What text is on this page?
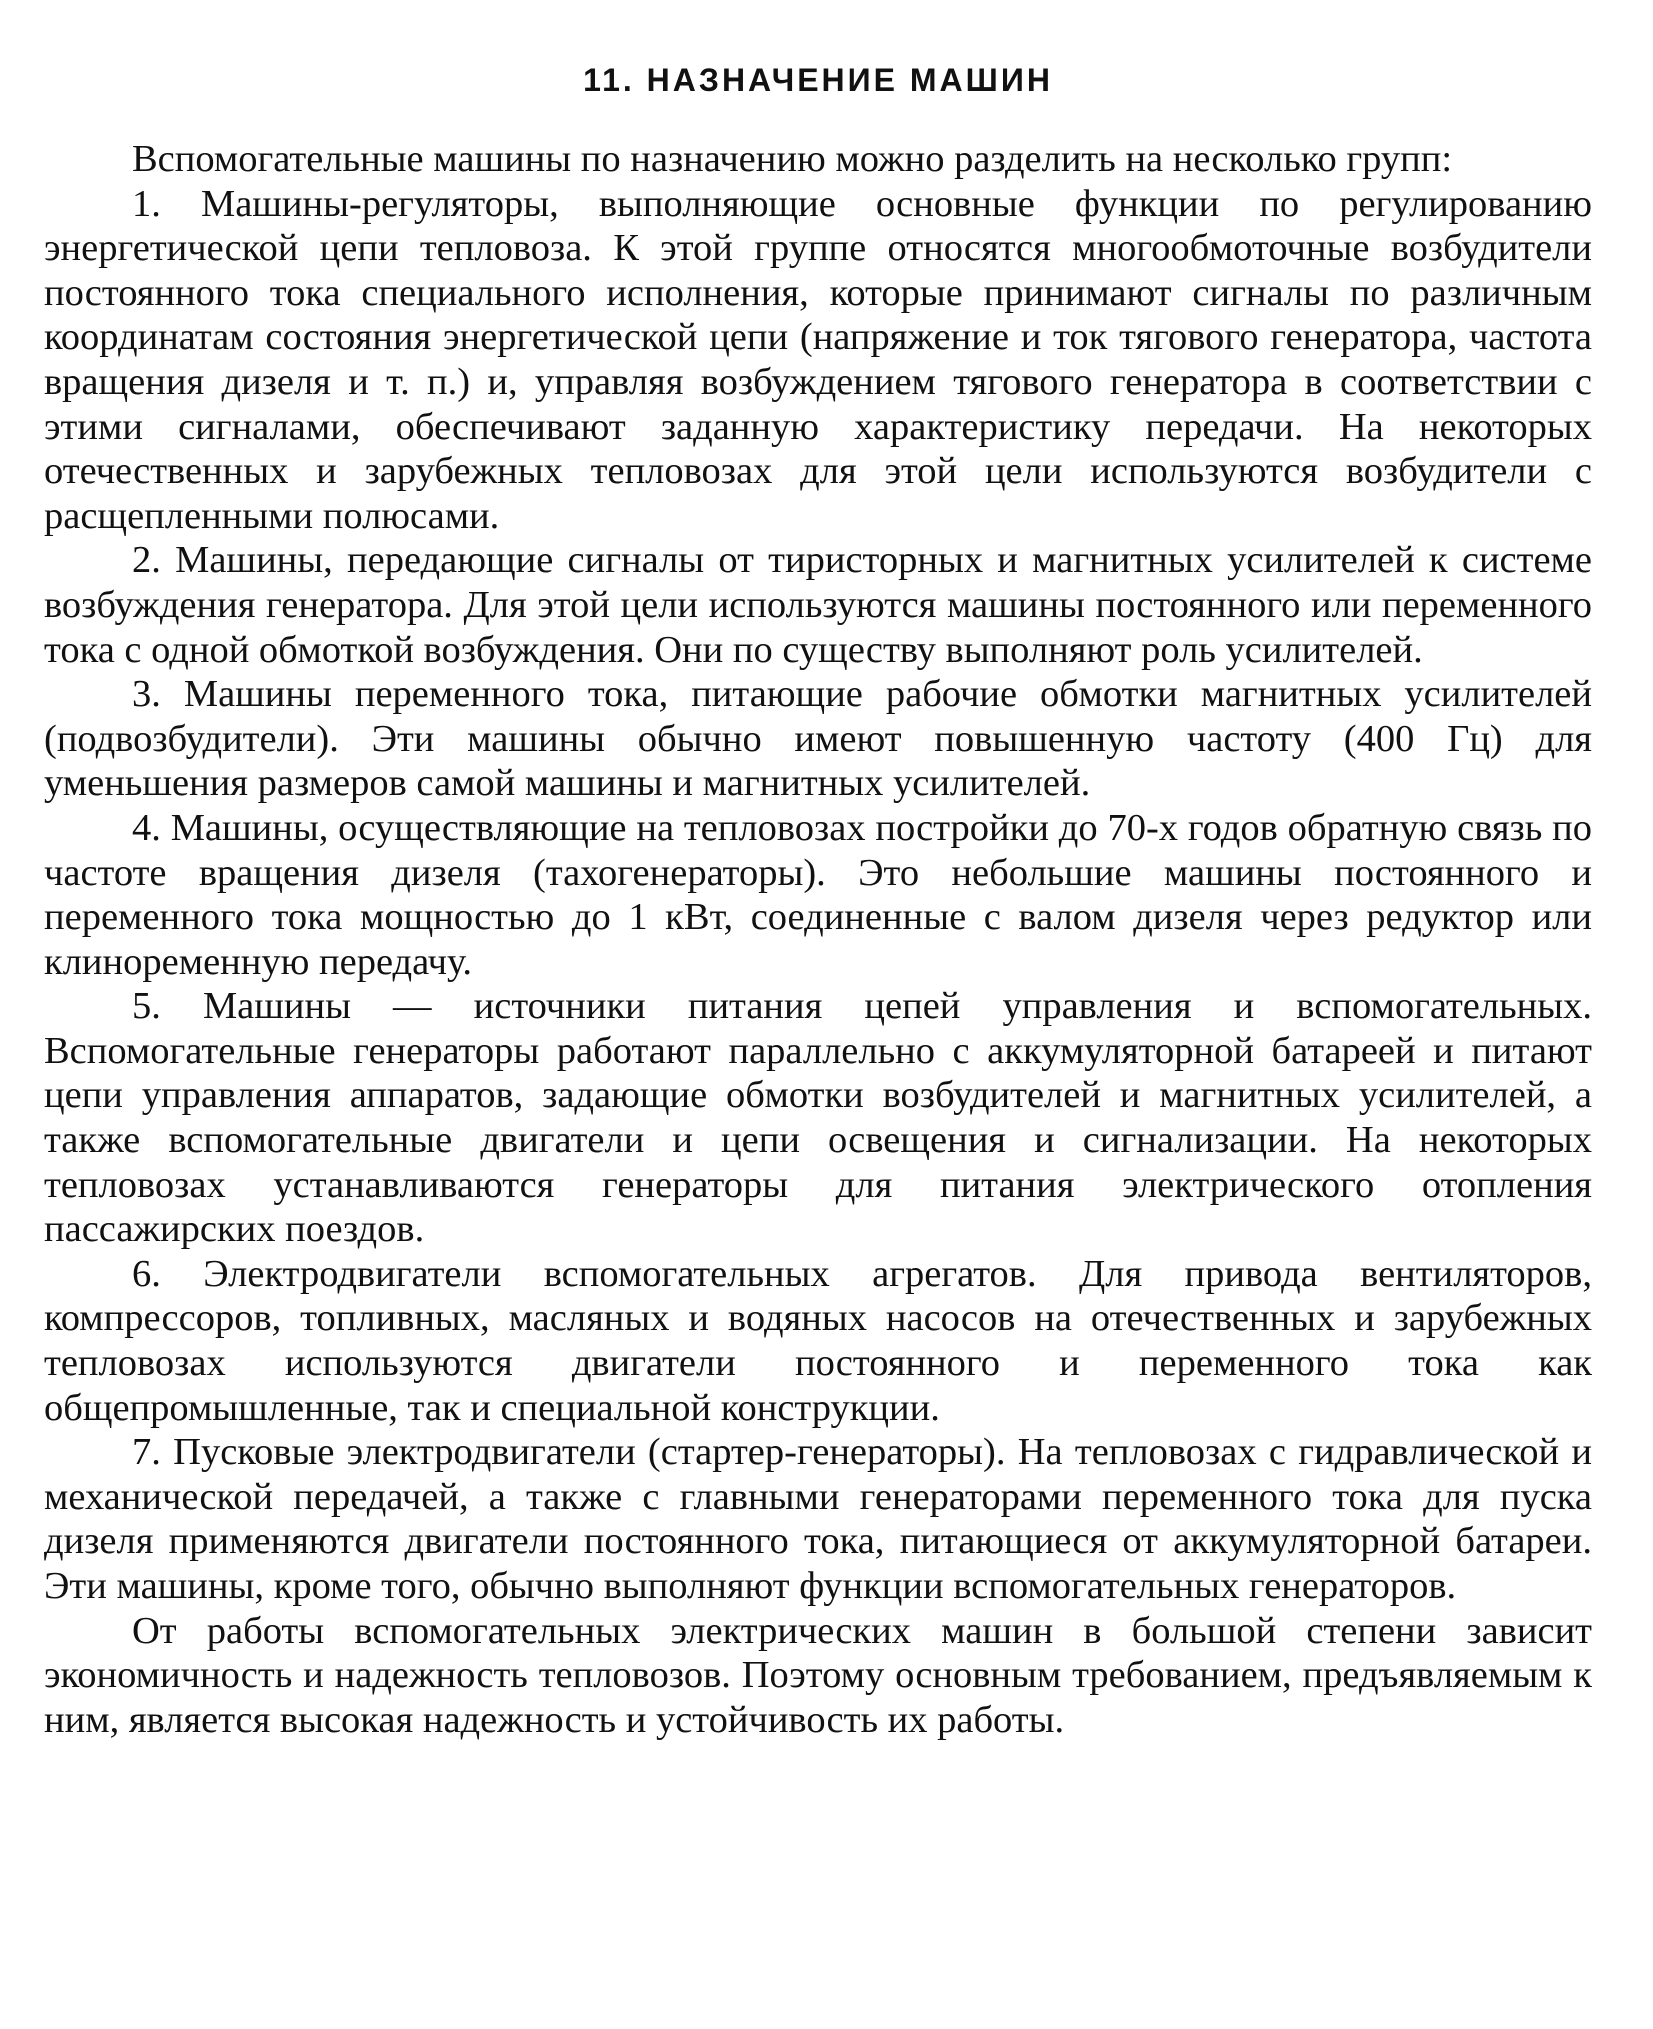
11. НАЗНАЧЕНИЕ МАШИН

Вспомогательные машины по назначению можно разделить на несколько групп:

1. Машины-регуляторы, выполняющие основные функции по регулированию энергетической цепи тепловоза. К этой группе относятся многообмоточные возбудители постоянного тока специального исполнения, которые принимают сигналы по различным координатам состояния энергетической цепи (напряжение и ток тягового генератора, частота вращения дизеля и т. п.) и, управляя возбуждением тягового генератора в соответствии с этими сигналами, обеспечивают заданную характеристику передачи. На некоторых отечественных и зарубежных тепловозах для этой цели используются возбудители с расщепленными полюсами.

2. Машины, передающие сигналы от тиристорных и магнитных усилителей к системе возбуждения генератора. Для этой цели используются машины постоянного или переменного тока с одной обмоткой возбуждения. Они по существу выполняют роль усилителей.

3. Машины переменного тока, питающие рабочие обмотки магнитных усилителей (подвозбудители). Эти машины обычно имеют повышенную частоту (400 Гц) для уменьшения размеров самой машины и магнитных усилителей.

4. Машины, осуществляющие на тепловозах постройки до 70-х годов обратную связь по частоте вращения дизеля (тахогенераторы). Это небольшие машины постоянного и переменного тока мощностью до 1 кВт, соединенные с валом дизеля через редуктор или клиноременную передачу.

5. Машины — источники питания цепей управления и вспомогательных. Вспомогательные генераторы работают параллельно с аккумуляторной батареей и питают цепи управления аппаратов, задающие обмотки возбудителей и магнитных усилителей, а также вспомогательные двигатели и цепи освещения и сигнализации. На некоторых тепловозах устанавливаются генераторы для питания электрического отопления пассажирских поездов.

6. Электродвигатели вспомогательных агрегатов. Для привода вентиляторов, компрессоров, топливных, масляных и водяных насосов на отечественных и зарубежных тепловозах используются двигатели постоянного и переменного тока как общепромышленные, так и специальной конструкции.

7. Пусковые электродвигатели (стартер-генераторы). На тепловозах с гидравлической и механической передачей, а также с главными генераторами переменного тока для пуска дизеля применяются двигатели постоянного тока, питающиеся от аккумуляторной батареи. Эти машины, кроме того, обычно выполняют функции вспомогательных генераторов.

От работы вспомогательных электрических машин в большой степени зависит экономичность и надежность тепловозов. Поэтому основным требованием, предъявляемым к ним, является высокая надежность и устойчивость их работы.
